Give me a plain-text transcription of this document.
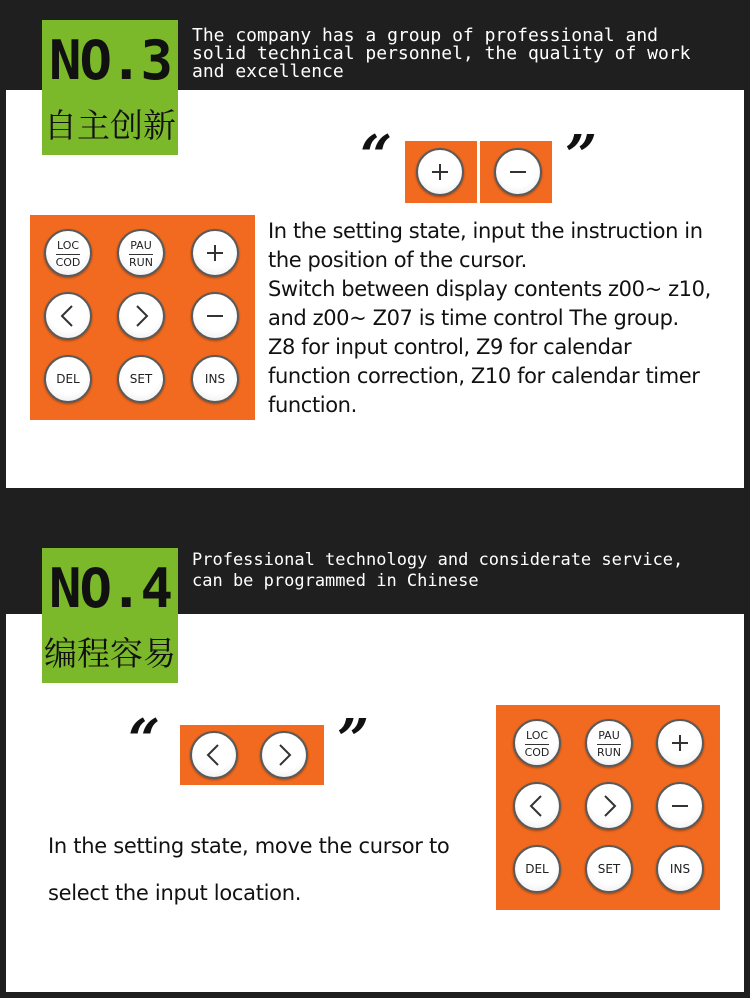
The company has a group of professional and
solid technical personnel, the quality of work
and excellence
NO.3
自主创新	“	”
LOC
COD
PAU
RUN
DEL	SET	INS
In the setting state, input the instruction in
the position of the cursor.
Switch between display contents z00~ z10,
and z00~ Z07 is time control The group.
Z8 for input control, Z9 for calendar
function correction, Z10 for calendar timer
function.
Professional technology and considerate service,
can be programmed in Chinese
NO.4
编程容易
“	”
In the setting state, move the cursor to
select the input location.
LOC
COD
PAU
RUN
DEL	SET	INS
